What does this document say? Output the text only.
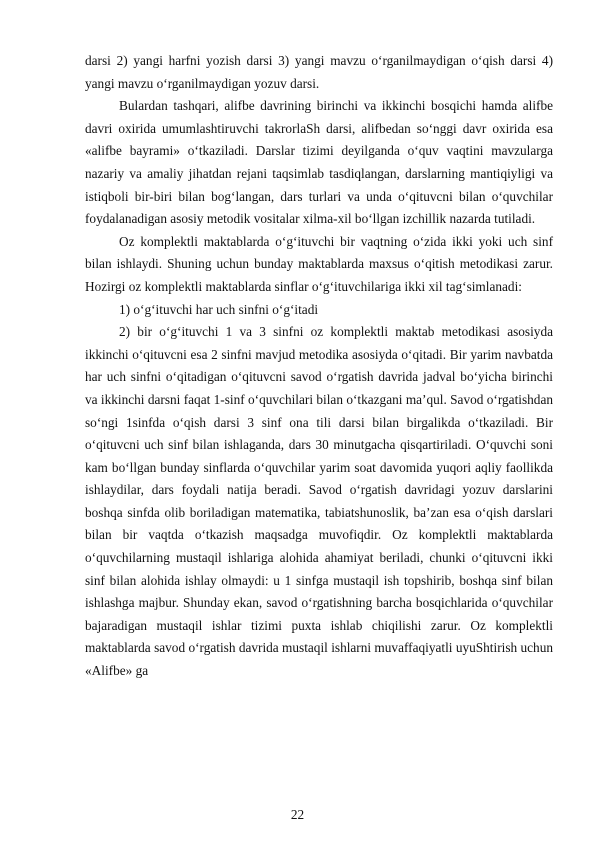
darsi 2) yangi harfni yozish darsi 3) yangi mavzu o‘rganilmaydigan o‘qish darsi 4) yangi mavzu o‘rganilmaydigan yozuv darsi.

Bulardan tashqari, alifbe davrining birinchi va ikkinchi bosqichi hamda alifbe davri oxirida umumlashtiruvchi takrorlaSh darsi, alifbedan so‘nggi davr oxirida esa «alifbe bayrami» o‘tkaziladi. Darslar tizimi deyilganda o‘quv vaqtini mavzularga nazariy va amaliy jihatdan rejani taqsimlab tasdiqlangan, darslarning mantiqiyligi va istiqboli bir-biri bilan bog‘langan, dars turlari va unda o‘qituvcni bilan o‘quvchilar foydalanadigan asosiy metodik vositalar xilma-xil bo‘llgan izchillik nazarda tutiladi.

Oz komplektli maktablarda o‘g‘ituvchi bir vaqtning o‘zida ikki yoki uch sinf bilan ishlaydi. Shuning uchun bunday maktablarda maxsus o‘qitish metodikasi zarur. Hozirgi oz komplektli maktablarda sinflar o‘g‘ituvchilariga ikki xil tag‘simlanadi:

1) o‘g‘ituvchi har uch sinfni o‘g‘itadi

2) bir o‘g‘ituvchi 1 va 3 sinfni oz komplektli maktab metodikasi asosiyda ikkinchi o‘qituvcni esa 2 sinfni mavjud metodika asosiyda o‘qitadi. Bir yarim navbatda har uch sinfni o‘qitadigan o‘qituvcni savod o‘rgatish davrida jadval bo‘yicha birinchi va ikkinchi darsni faqat 1-sinf o‘quvchilari bilan o‘tkazgani ma’qul. Savod o‘rgatishdan so‘ngi 1sinfda o‘qish darsi 3 sinf ona tili darsi bilan birgalikda o‘tkaziladi. Bir o‘qituvcni uch sinf bilan ishlaganda, dars 30 minutgacha qisqartiriladi. O‘quvchi soni kam bo‘llgan bunday sinflarda o‘quvchilar yarim soat davomida yuqori aqliy faollikda ishlaydilar, dars foydali natija beradi. Savod o‘rgatish davridagi yozuv darslarini boshqa sinfda olib boriladigan matematika, tabiatshunoslik, ba’zan esa o‘qish darslari bilan bir vaqtda o‘tkazish maqsadga muvofiqdir. Oz komplektli maktablarda o‘quvchilarning mustaqil ishlariga alohida ahamiyat beriladi, chunki o‘qituvcni ikki sinf bilan alohida ishlay olmaydi: u 1 sinfga mustaqil ish topshirib, boshqa sinf bilan ishlashga majbur. Shunday ekan, savod o‘rgatishning barcha bosqichlarida o‘quvchilar bajaradigan mustaqil ishlar tizimi puxta ishlab chiqilishi zarur. Oz komplektli maktablarda savod o‘rgatish davrida mustaqil ishlarni muvaffaqiyatli uyuShtirish uchun «Alifbe» ga

22
